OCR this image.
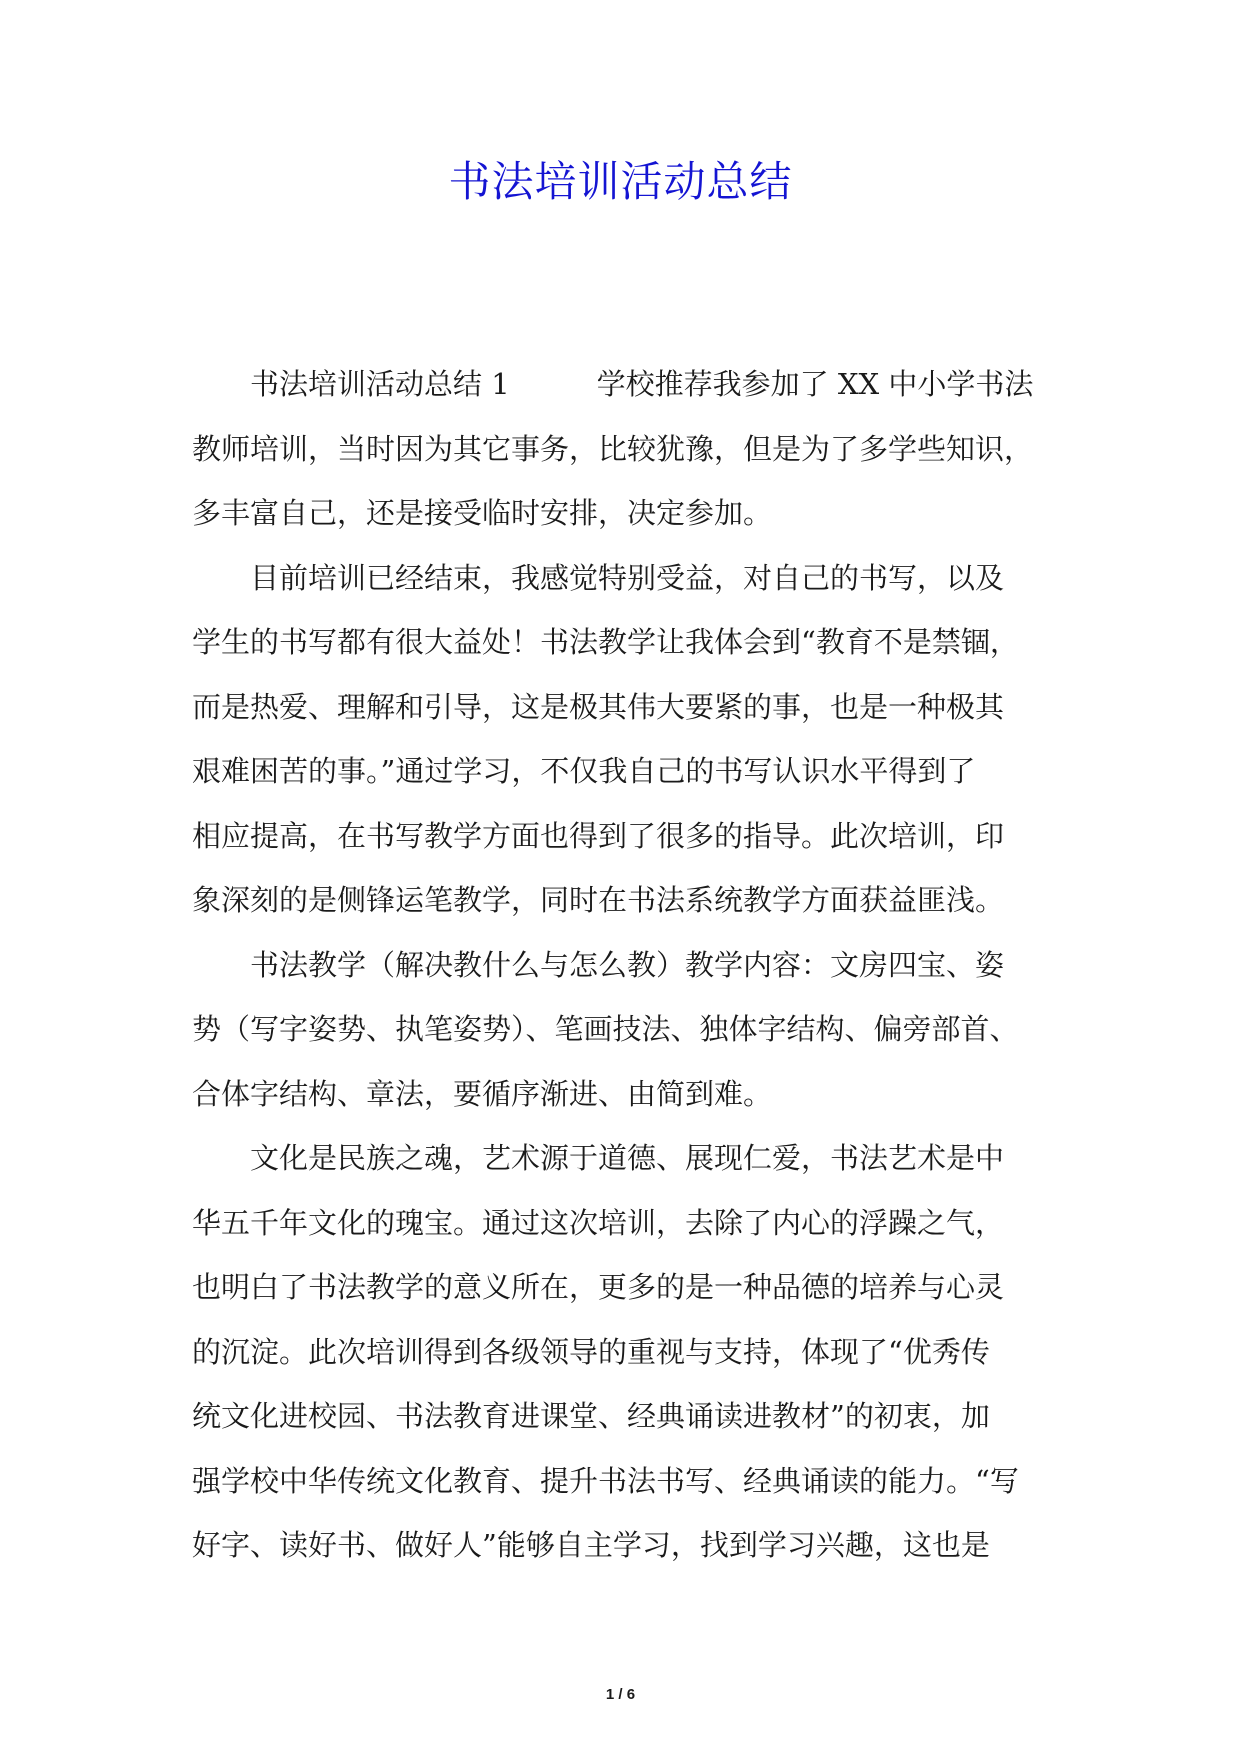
书法培训活动总结
书法培训活动总结 1　　　学校推荐我参加了 XX 中小学书法
教师培训，当时因为其它事务，比较犹豫，但是为了多学些知识，
多丰富自己，还是接受临时安排，决定参加。
目前培训已经结束，我感觉特别受益，对自己的书写，以及
学生的书写都有很大益处！书法教学让我体会到“教育不是禁锢，
而是热爱、理解和引导，这是极其伟大要紧的事，也是一种极其
艰难困苦的事。”通过学习，不仅我自己的书写认识水平得到了
相应提高，在书写教学方面也得到了很多的指导。此次培训，印
象深刻的是侧锋运笔教学，同时在书法系统教学方面获益匪浅。
书法教学（解决教什么与怎么教）教学内容：文房四宝、姿
势（写字姿势、执笔姿势）、笔画技法、独体字结构、偏旁部首、
合体字结构、章法，要循序渐进、由简到难。
文化是民族之魂，艺术源于道德、展现仁爱，书法艺术是中
华五千年文化的瑰宝。通过这次培训，去除了内心的浮躁之气，
也明白了书法教学的意义所在，更多的是一种品德的培养与心灵
的沉淀。此次培训得到各级领导的重视与支持，体现了“优秀传
统文化进校园、书法教育进课堂、经典诵读进教材”的初衷，加
强学校中华传统文化教育、提升书法书写、经典诵读的能力。“写
好字、读好书、做好人”能够自主学习，找到学习兴趣，这也是
1 / 6
